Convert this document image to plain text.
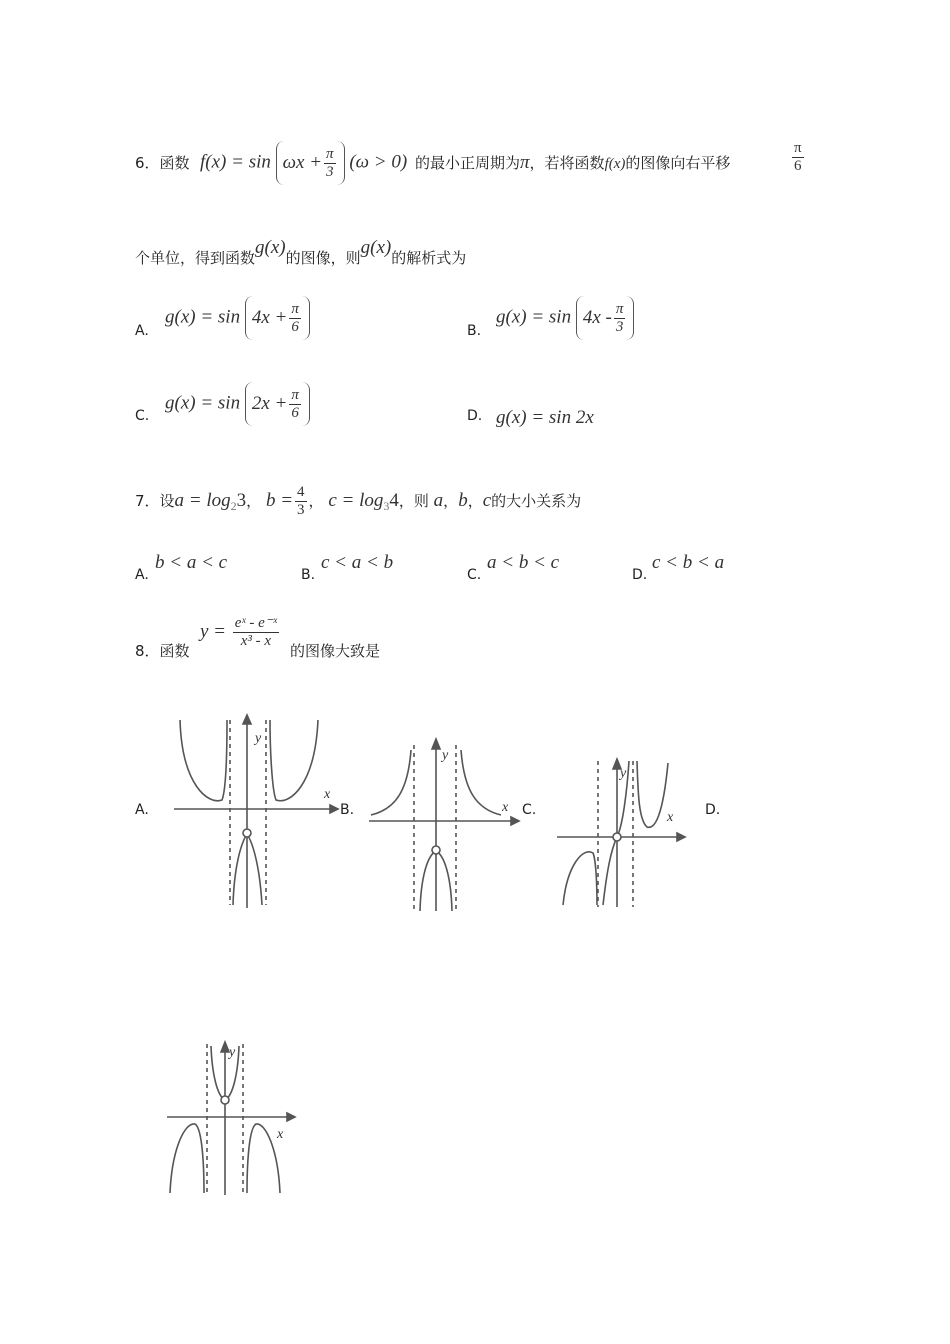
6．函数 $f(x) = \sin \omega x + \frac{\pi}{3} (\omega > 0)$ 的最小正周期为π，若将函数f(x)的图像向右平移	$\frac{\pi}{6}$
个单位，得到函数g(x)的图像，则g(x)的解析式为
A.
$g(x) = \sin 4x + \frac{\pi}{6}$	B.
$g(x) = \sin 4x - \frac{\pi}{3}$
C.
$g(x) = \sin 2x + \frac{\pi}{6}$	D. g(x) = sin 2x
7．设$a = \log_23$， $b = \frac{4}{3}$ ， $c = \log_34$，则 a，b，c的大小关系为
A.
b < a < c
B.
c < a < b
C.
a < b < c
D.
c < b < a
8．函数
$y = \frac{\text{eˣ - e⁻ˣ}}{\text{x³ - x}}$
的图像大致是
A.	B.	C.	D.
x
y
x
y
x
y
x
y
